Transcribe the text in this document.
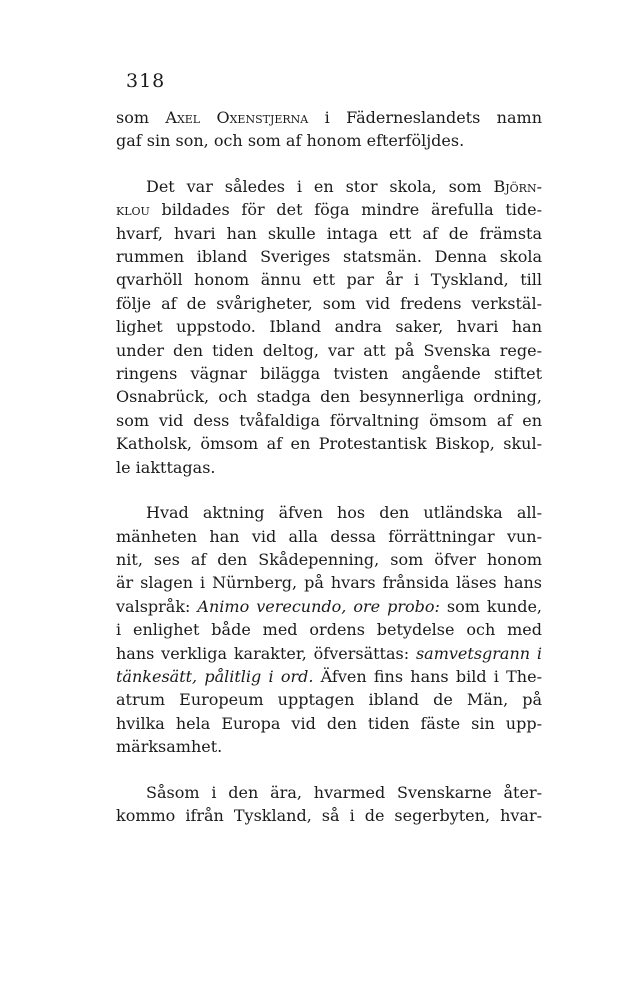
318
som Axel Oxenstjerna i Fäderneslandets namn
gaf sin son, och som af honom efterföljdes.
Det var således i en stor skola, som Björn-
klou bildades för det föga mindre ärefulla tide-
hvarf, hvari han skulle intaga ett af de främsta
rummen ibland Sveriges statsmän. Denna skola
qvarhöll honom ännu ett par år i Tyskland, till
följe af de svårigheter, som vid fredens verkstäl-
lighet uppstodo. Ibland andra saker, hvari han
under den tiden deltog, var att på Svenska rege-
ringens vägnar bilägga tvisten angående stiftet
Osnabrück, och stadga den besynnerliga ordning,
som vid dess tvåfaldiga förvaltning ömsom af en
Katholsk, ömsom af en Protestantisk Biskop, skul-
le iakttagas.
Hvad aktning äfven hos den utländska all-
mänheten han vid alla dessa förrättningar vun-
nit, ses af den Skådepenning, som öfver honom
är slagen i Nürnberg, på hvars frånsida läses hans
valspråk: Animo verecundo, ore probo: som kunde,
i enlighet både med ordens betydelse och med
hans verkliga karakter, öfversättas: samvetsgrann i
tänkesätt, pålitlig i ord. Äfven fins hans bild i The-
atrum Europeum upptagen ibland de Män, på
hvilka hela Europa vid den tiden fäste sin upp-
märksamhet.
Såsom i den ära, hvarmed Svenskarne åter-
kommo ifrån Tyskland, så i de segerbyten, hvar-
